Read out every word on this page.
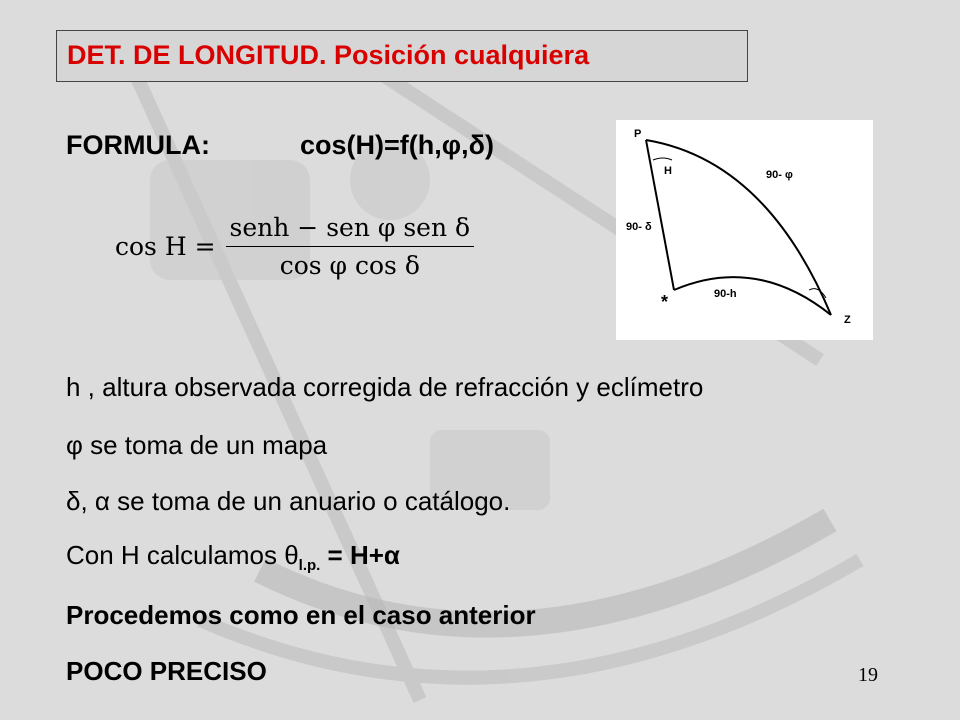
DET. DE LONGITUD. Posición cualquiera
FORMULA:	cos(H)=f(h,φ,δ)
$\cos H = \frac{\text{senh − sen φ sen δ}}{\text{cos φ cos δ}}$
P
H	90- φ
90- δ
*	90-h
Z
h , altura observada corregida de refracción y eclímetro
φ se toma de un mapa
δ, α se toma de un anuario o catálogo.
Con H calculamos $\theta_{l.p.} = H+\alpha$
Procedemos como en el caso anterior
POCO PRECISO	19
